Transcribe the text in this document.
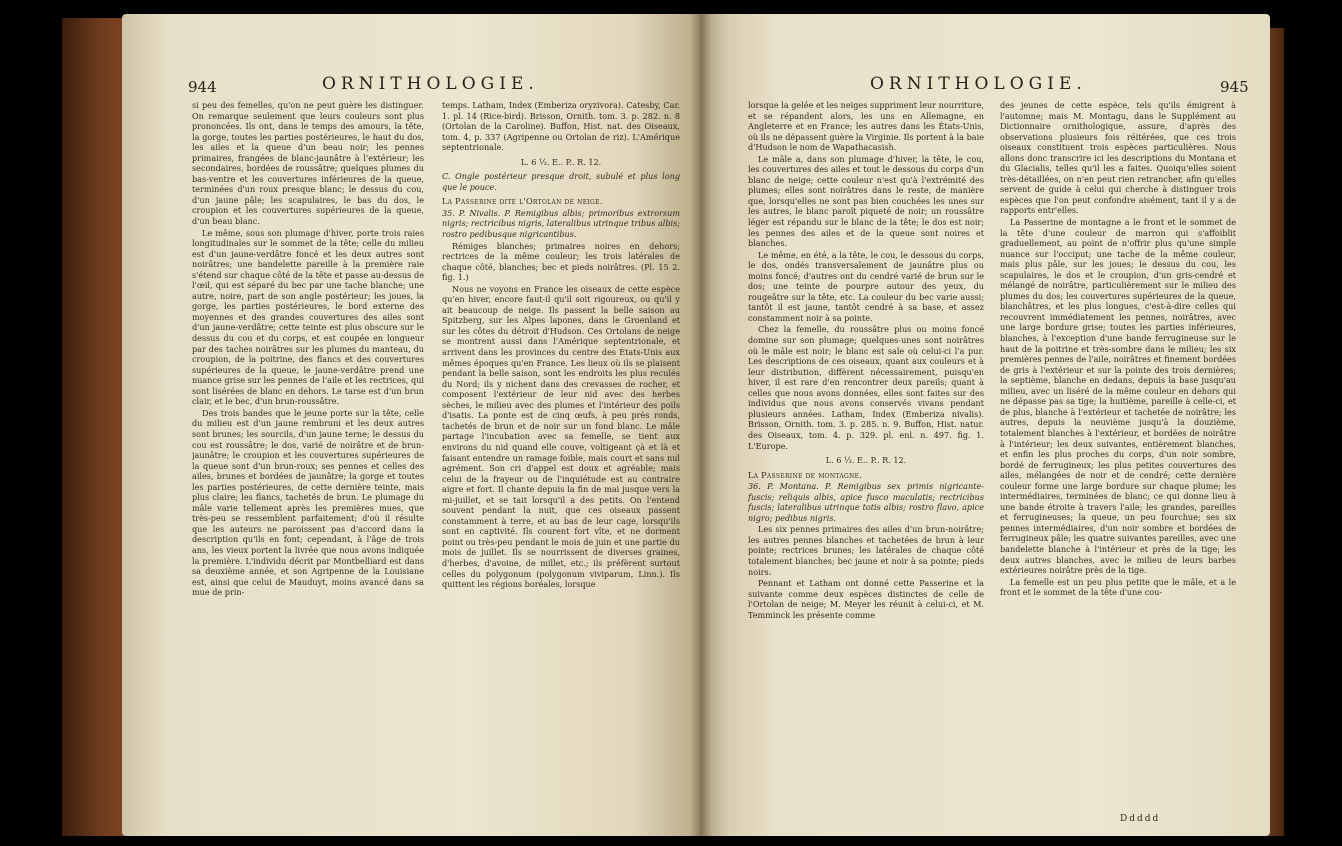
944	ORNITHOLOGIE.

si peu des femelles, qu'on ne peut guère les distinguer. On remarque seulement que leurs couleurs sont plus prononcées. Ils ont, dans le temps des amours, la tête, la gorge, toutes les parties postérieures, le haut du dos, les ailes et la queue d'un beau noir; les pennes primaires, frangées de blanc-jaunâtre à l'extérieur; les secondaires, bordées de roussâtre; quelques plumes du bas-ventre et les couvertures inférieures de la queue, terminées d'un roux presque blanc; le dessus du cou, d'un jaune pâle; les scapulaires, le bas du dos, le croupion et les couvertures supérieures de la queue, d'un beau blanc.

Le même, sous son plumage d'hiver, porte trois raies longitudinales sur le sommet de la tête; celle du milieu est d'un jaune-verdâtre foncé et les deux autres sont noirâtres; une bandelette pareille à la première raie s'étend sur chaque côté de la tête et passe au-dessus de l'œil, qui est séparé du bec par une tache blanche; une autre, noire, part de son angle postérieur; les joues, la gorge, les parties postérieures, le bord externe des moyennes et des grandes couvertures des ailes sont d'un jaune-verdâtre; cette teinte est plus obscure sur le dessus du cou et du corps, et est coupée en longueur par des taches noirâtres sur les plumes du manteau, du croupion, de la poitrine, des flancs et des couvertures supérieures de la queue, le jaune-verdâtre prend une nuance grise sur les pennes de l'aile et les rectrices, qui sont lisérées de blanc en dehors. Le tarse est d'un brun clair, et le bec, d'un brun-roussâtre.

Des trois bandes que le jeune porte sur la tête, celle du milieu est d'un jaune rembruni et les deux autres sont brunes; les sourcils, d'un jaune terne; le dessus du cou est roussâtre; le dos, varié de noirâtre et de brun-jaunâtre; le croupion et les couvertures supérieures de la queue sont d'un brun-roux; ses pennes et celles des ailes, brunes et bordées de jaunâtre; la gorge et toutes les parties postérieures, de cette dernière teinte, mais plus claire; les flancs, tachetés de brun. Le plumage du mâle varie tellement après les premières mues, que très-peu se ressemblent parfaitement; d'où il résulte que les auteurs ne paroissent pas d'accord dans la description qu'ils en font; cependant, à l'âge de trois ans, les vieux portent la livrée que nous avons indiquée la première. L'individu décrit par Montbelliard est dans sa deuxième année, et son Agripenne de la Louisiane est, ainsi que celui de Mauduyt, moins avancé dans sa mue de prin-

temps. Latham, Index (Emberiza oryzivora). Catesby, Car. 1. pl. 14 (Rice-bird). Brisson, Ornith. tom. 3. p. 282. n. 8 (Ortolan de la Caroline). Buffon, Hist. nat. des Oiseaux, tom. 4, p. 337 (Agripenne ou Ortolan de riz). L'Amérique septentrionale.

L. 6 ⅓. E.. P.. R. 12.

C. Ongle postérieur presque droit, subulé et plus long que le pouce.

La Passerine dite l'Ortolan de neige.

35. P. Nivalis. P. Remigibus albis; primoribus extrorsum nigris; rectricibus nigris, lateralibus utrinque tribus albis; rostro pedibusque nigricantibus.

Rémiges blanches; primaires noires en dehors; rectrices de la même couleur; les trois latérales de chaque côté, blanches; bec et pieds noirâtres. (Pl. 15 2. fig. 1.)

Nous ne voyons en France les oiseaux de cette espèce qu'en hiver, encore faut-il qu'il soit rigoureux, ou qu'il y ait beaucoup de neige. Ils passent la belle saison au Spitzberg, sur les Alpes lapones, dans le Groenland et sur les côtes du détroit d'Hudson. Ces Ortolans de neige se montrent aussi dans l'Amérique septentrionale, et arrivent dans les provinces du centre des États-Unis aux mêmes époques qu'en France. Les lieux où ils se plaisent pendant la belle saison, sont les endroits les plus reculés du Nord; ils y nichent dans des crevasses de rocher, et composent l'extérieur de leur nid avec des herbes sèches, le milieu avec des plumes et l'intérieur des poils d'isatis. La ponte est de cinq œufs, à peu près ronds, tachetés de brun et de noir sur un fond blanc. Le mâle partage l'incubation avec sa femelle, se tient aux environs du nid quand elle couve, voltigeant çà et là et faisant entendre un ramage foible, mais court et sans nul agrément. Son cri d'appel est doux et agréable; mais celui de la frayeur ou de l'inquiétude est au contraire aigre et fort. Il chante depuis la fin de mai jusque vers la mi-juillet, et se tait lorsqu'il a des petits. On l'entend souvent pendant la nuit, que ces oiseaux passent constamment à terre, et au bas de leur cage, lorsqu'ils sont en captivité. Ils courent fort vîte, et ne dorment point ou très-peu pendant le mois de juin et une partie du mois de juillet. Ils se nourrissent de diverses graines, d'herbes, d'avoine, de millet, etc.; ils préfèrent surtout celles du polygonum (polygonum viviparum, Linn.). Ils quittent les régions boréales, lorsque

ORNITHOLOGIE.	945

lorsque la gelée et les neiges suppriment leur nourriture, et se répandent alors, les uns en Allemagne, en Angleterre et en France; les autres dans les États-Unis, où ils ne dépassent guère la Virginie. Ils portent à la baie d'Hudson le nom de Wapathacasish.

Le mâle a, dans son plumage d'hiver, la tête, le cou, les couvertures des ailes et tout le dessous du corps d'un blanc de neige; cette couleur n'est qu'à l'extrémité des plumes; elles sont noirâtres dans le reste, de manière que, lorsqu'elles ne sont pas bien couchées les unes sur les autres, le blanc paroît piqueté de noir; un roussâtre léger est répandu sur le blanc de la tête; le dos est noir; les pennes des ailes et de la queue sont noires et blanches.

Le même, en été, a la tête, le cou, le dessous du corps, le dos, ondés transversalement de jaunâtre plus ou moins foncé; d'autres ont du cendré varié de brun sur le dos; une teinte de pourpre autour des yeux, du rougeâtre sur la tête, etc. La couleur du bec varie aussi; tantôt il est jaune, tantôt cendré à sa base, et assez constamment noir à sa pointe.

Chez la femelle, du roussâtre plus ou moins foncé domine sur son plumage; quelques-unes sont noirâtres où le mâle est noir; le blanc est sale où celui-ci l'a pur. Les descriptions de ces oiseaux, quant aux couleurs et à leur distribution, diffèrent nécessairement, puisqu'en hiver, il est rare d'en rencontrer deux pareils; quant à celles que nous avons données, elles sont faites sur des individus que nous avons conservés vivans pendant plusieurs années. Latham, Index (Emberiza nivalis). Brisson, Ornith. tom. 3. p. 285. n. 9. Buffon, Hist. natur. des Oiseaux, tom. 4. p. 329. pl. enl. n. 497. fig. 1. L'Europe.

L. 6 ⅓. E.. P.. R. 12.

La Passerine de montagne.

36. P. Montana. P. Remigibus sex primis nigricante-fuscis; reliquis albis, apice fusco maculatis; rectricibus fuscis; lateralibus utrinque totis albis; rostro flavo, apice nigro; pedibus nigris.

Les six pennes primaires des ailes d'un brun-noirâtre; les autres pennes blanches et tachetées de brun à leur pointe; rectrices brunes; les latérales de chaque côté totalement blanches; bec jaune et noir à sa pointe; pieds noirs.

Pennant et Latham ont donné cette Passerine et la suivante comme deux espèces distinctes de celle de l'Ortolan de neige; M. Meyer les réunit à celui-ci, et M. Temminck les présente comme

des jeunes de cette espèce, tels qu'ils émigrent à l'automne; mais M. Montagu, dans le Supplément au Dictionnaire ornithologique, assure, d'après des observations plusieurs fois réitérées, que ces trois oiseaux constituent trois espèces particulières. Nous allons donc transcrire ici les descriptions du Montana et du Glacialis, telles qu'il les a faites. Quoiqu'elles soient très-détaillées, on n'en peut rien retrancher, afin qu'elles servent de guide à celui qui cherche à distinguer trois espèces que l'on peut confondre aisément, tant il y a de rapports entr'elles.

La Passerine de montagne a le front et le sommet de la tête d'une couleur de marron qui s'affoiblit graduellement, au point de n'offrir plus qu'une simple nuance sur l'occiput; une tache de la même couleur, mais plus pâle, sur les joues; le dessus du cou, les scapulaires, le dos et le croupion, d'un gris-cendré et mélangé de noirâtre, particulièrement sur le milieu des plumes du dos; les couvertures supérieures de la queue, blanchâtres, et les plus longues, c'est-à-dire celles qui recouvrent immédiatement les pennes, noirâtres, avec une large bordure grise; toutes les parties inférieures, blanches, à l'exception d'une bande ferrugineuse sur le haut de la poitrine et très-sombre dans le milieu; les six premières pennes de l'aile, noirâtres et finement bordées de gris à l'extérieur et sur la pointe des trois dernières; la septième, blanche en dedans, depuis la base jusqu'au milieu, avec un liséré de la même couleur en dehors qui ne dépasse pas sa tige; la huitième, pareille à celle-ci, et de plus, blanche à l'extérieur et tachetée de noirâtre; les autres, depuis la neuvième jusqu'à la douzième, totalement blanches à l'extérieur, et bordées de noirâtre à l'intérieur; les deux suivantes, entièrement blanches, et enfin les plus proches du corps, d'un noir sombre, bordé de ferrugineux; les plus petites couvertures des ailes, mélangées de noir et de cendré; cette dernière couleur forme une large bordure sur chaque plume; les intermédiaires, terminées de blanc; ce qui donne lieu à une bande étroite à travers l'aile; les grandes, pareilles et ferrugineuses; la queue, un peu fourchue; ses six pennes intermédiaires, d'un noir sombre et bordées de ferrugineux pâle; les quatre suivantes pareilles, avec une bandelette blanche à l'intérieur et près de la tige; les deux autres blanches, avec le milieu de leurs barbes extérieures noirâtre près de la tige.

La femelle est un peu plus petite que le mâle, et a le front et le sommet de la tête d'une cou-

Ddddd
